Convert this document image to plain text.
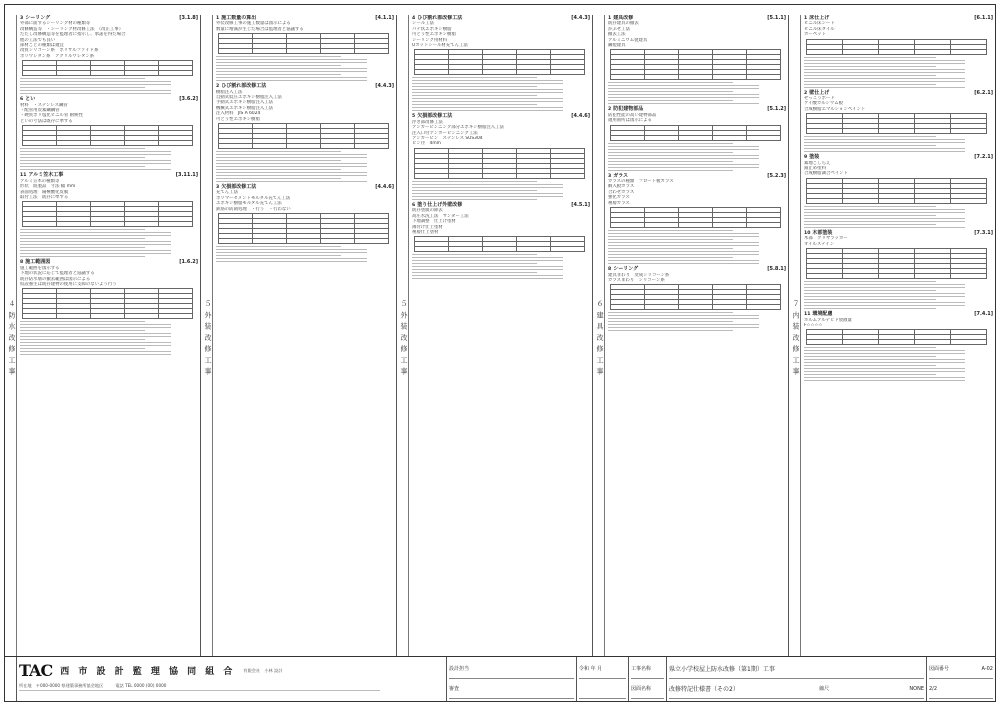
４ 防 水 改 修 工 事
3 シーリング	[3.1.8]
外部に面するシーリング材の種類等
改修構造等　・シーリング材改修工法　（改正工事）
たたし改修構造等を監理者に指示し、承諾を得た場合
他の工法でも良い
部材ごとの種類は適宜
改質シリコーン系　ポリサルファイド系
ポリウレタン系　アクリルウレタン系

6 とい	[3.6.2]
材料　・ステンレス鋼管
・配管用炭素鋼鋼管
・硬質ポリ塩化ビニル管 耐候性
といの寸法は既存に準ずる

11 アルミ笠木工事	[3.11.1]
アルミ笠木の種類等
形状　既製品　寸法 幅 mm
表面処理　陽極酸化皮膜
取付工法　既存に準ずる

8 施工範囲図	[1.6.2]
施工範囲を図示する
下地の状況に応じて監理者と協議する
既存防水層の撤去範囲は図示による
仮設養生は既存建物の使用に支障のないよう行う

５ 外 装 改 修 工 事
1 施工数量の算出	[4.1.1]
外装改修工事の施工数量は図示による
数量に増減が生じた場合は監理者と協議する

2 ひび割れ部改修工法	[4.4.3]
樹脂注入工法
自動式低圧エポキシ樹脂注入工法
手動式エポキシ樹脂注入工法
機械式エポキシ樹脂注入工法
注入材料　JIS A 6024
可とう性エポキシ樹脂

3 欠損部改修工法	[4.4.6]
充てん工法
ポリマーセメントモルタル充てん工法
エポキシ樹脂モルタル充てん工法
鉄筋の防錆処理　・行う　・行わない

５ 外 装 改 修 工 事
4 ひび割れ部改修工法	[4.4.3]
シール工法
パテ状エポキシ樹脂
可とう性エポキシ樹脂
シーリング用材料
Uカットシール材充てん工法

5 欠損部改修工法	[4.4.6]
浮き部改修工法
アンカーピンニング部分エポキシ樹脂注入工法
注入口付アンカーピンニング工法
アンカーピン　ステンレス SUS304
ピン径　4mm

6 塗り仕上げ外壁改修	[4.5.1]
既存塗膜の除去
高圧水洗工法　サンダー工法
下地調整　仕上げ塗材
薄付け仕上塗材
複層仕上塗材

６ 建 具 改 修 工 事
1 建具改修	[5.1.1]
既存建具の撤去
かぶせ工法
撤去工法
アルミニウム製建具
鋼製建具

2 防犯建物部品	[5.1.2]
防犯性能の高い建物部品
適用箇所は図示による

3 ガラス	[5.2.3]
ガラスの種類　フロート板ガラス
網入板ガラス
合わせガラス
強化ガラス
複層ガラス

8 シーリング	[5.8.1]
建具まわり　変成シリコーン系
ガラスまわり　シリコーン系

７ 内 装 改 修 工 事
1 床仕上げ	[6.1.1]
ビニル床シート
ビニル床タイル
カーペット

2 壁仕上げ	[6.2.1]
せっこうボード
ケイ酸カルシウム板
合成樹脂エマルションペイント

9 塗装	[7.2.1]
素地ごしらえ
錆止め塗料
合成樹脂調合ペイント

10 木部塗装	[7.3.1]
木部　クリヤラッカー
オイルステイン

11 環境配慮	[7.4.1]
ホルムアルデヒド放散量
F☆☆☆☆

TAC 西 市 設 計 監 理 協 同 組 合 有限会社　小林 設計
所在地　〒000-0000 県建築事務所協会地区	電話 TEL 0000 (00) 0000
設計担当
審査
令和 年 月	工事名称
図面名称
県立小学校屋上防水改修（第1期）工事
改修特記仕様書（その2）	縮尺	NONE
図面番号	A-02
2/2
